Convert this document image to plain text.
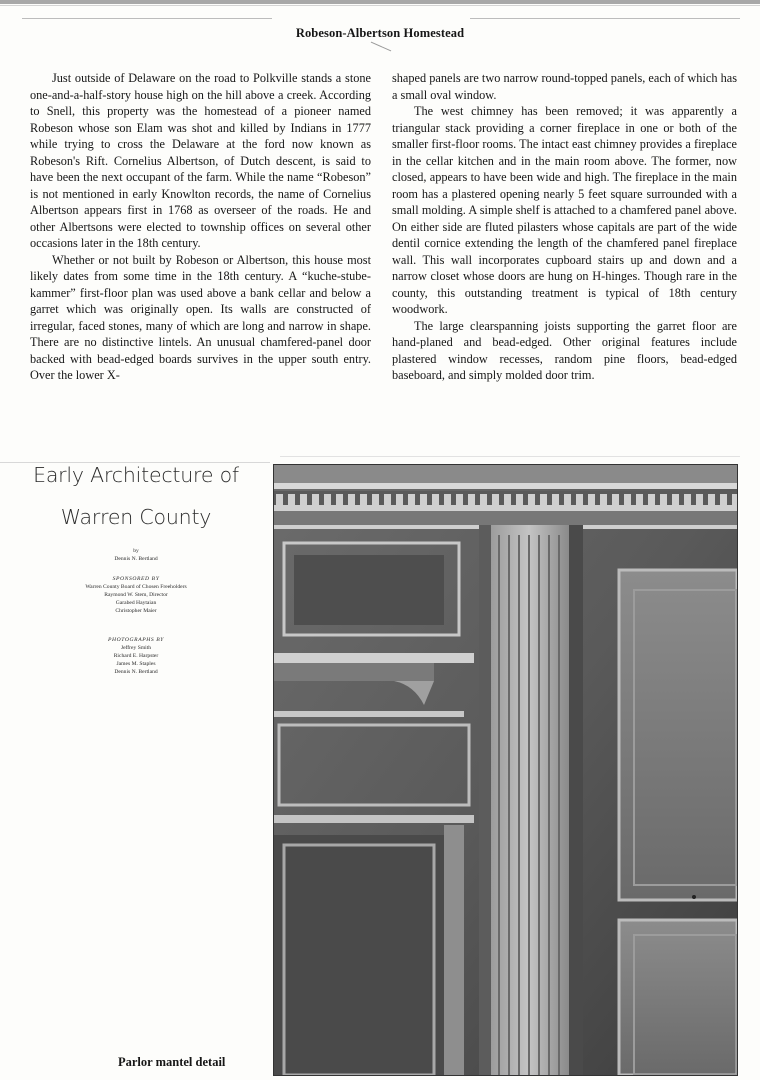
Robeson-Albertson Homestead

Just outside of Delaware on the road to Polkville stands a stone one-and-a-half-story house high on the hill above a creek. According to Snell, this property was the homestead of a pioneer named Robeson whose son Elam was shot and killed by Indians in 1777 while trying to cross the Delaware at the ford now known as Robeson's Rift. Cornelius Albertson, of Dutch descent, is said to have been the next occupant of the farm. While the name “Robeson” is not mentioned in early Knowlton records, the name of Cornelius Albertson appears first in 1768 as overseer of the roads. He and other Albertsons were elected to township offices on several other occasions later in the 18th century.

Whether or not built by Robeson or Albertson, this house most likely dates from some time in the 18th century. A “kuche-stube-kammer” first-floor plan was used above a bank cellar and below a garret which was originally open. Its walls are constructed of irregular, faced stones, many of which are long and narrow in shape. There are no distinctive lintels. An unusual chamfered-panel door backed with bead-edged boards survives in the upper south entry. Over the lower X-

shaped panels are two narrow round-topped panels, each of which has a small oval window.

The west chimney has been removed; it was apparently a triangular stack providing a corner fireplace in one or both of the smaller first-floor rooms. The intact east chimney provides a fireplace in the cellar kitchen and in the main room above. The former, now closed, appears to have been wide and high. The fireplace in the main room has a plastered opening nearly 5 feet square surrounded with a small molding. A simple shelf is attached to a chamfered panel above. On either side are fluted pilasters whose capitals are part of the wide dentil cornice extending the length of the chamfered panel fireplace wall. This wall incorporates cupboard stairs up and down and a narrow closet whose doors are hung on H-hinges. Though rare in the county, this outstanding treatment is typical of 18th century woodwork.

The large clearspanning joists supporting the garret floor are hand-planed and bead-edged. Other original features include plastered window recesses, random pine floors, bead-edged baseboard, and simply molded door trim.

Early Architecture of
Warren County
by
Dennis N. Bertland
SPONSORED BY
Warren County Board of Chosen Freeholders
Raymond W. Stem, Director
Garabed Haytaian
Christopher Maier
PHOTOGRAPHS BY
Jeffrey Smith
Richard E. Harpster
James M. Staples
Dennis N. Bertland
Parlor mantel detail
